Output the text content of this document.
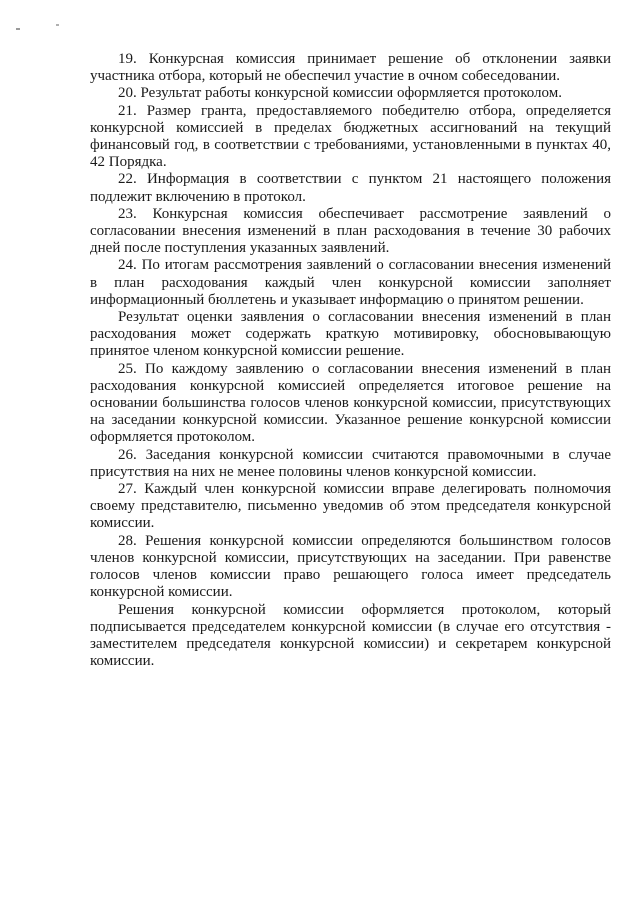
19. Конкурсная комиссия принимает решение об отклонении заявки участника отбора, который не обеспечил участие в очном собеседовании.

20. Результат работы конкурсной комиссии оформляется протоколом.

21. Размер гранта, предоставляемого победителю отбора, определяется конкурсной комиссией в пределах бюджетных ассигнований на текущий финансовый год, в соответствии с требованиями, установленными в пунктах 40, 42 Порядка.

22. Информация в соответствии с пунктом 21 настоящего положения подлежит включению в протокол.

23. Конкурсная комиссия обеспечивает рассмотрение заявлений о согласовании внесения изменений в план расходования в течение 30 рабочих дней после поступления указанных заявлений.

24. По итогам рассмотрения заявлений о согласовании внесения изменений в план расходования каждый член конкурсной комиссии заполняет информационный бюллетень и указывает информацию о принятом решении.

Результат оценки заявления о согласовании внесения изменений в план расходования может содержать краткую мотивировку, обосновывающую принятое членом конкурсной комиссии решение.

25. По каждому заявлению о согласовании внесения изменений в план расходования конкурсной комиссией определяется итоговое решение на основании большинства голосов членов конкурсной комиссии, присутствующих на заседании конкурсной комиссии. Указанное решение конкурсной комиссии оформляется протоколом.

26. Заседания конкурсной комиссии считаются правомочными в случае присутствия на них не менее половины членов конкурсной комиссии.

27. Каждый член конкурсной комиссии вправе делегировать полномочия своему представителю, письменно уведомив об этом председателя конкурсной комиссии.

28. Решения конкурсной комиссии определяются большинством голосов членов конкурсной комиссии, присутствующих на заседании. При равенстве голосов членов комиссии право решающего голоса имеет председатель конкурсной комиссии.

Решения конкурсной комиссии оформляется протоколом, который подписывается председателем конкурсной комиссии (в случае его отсутствия - заместителем председателя конкурсной комиссии) и секретарем конкурсной комиссии.
